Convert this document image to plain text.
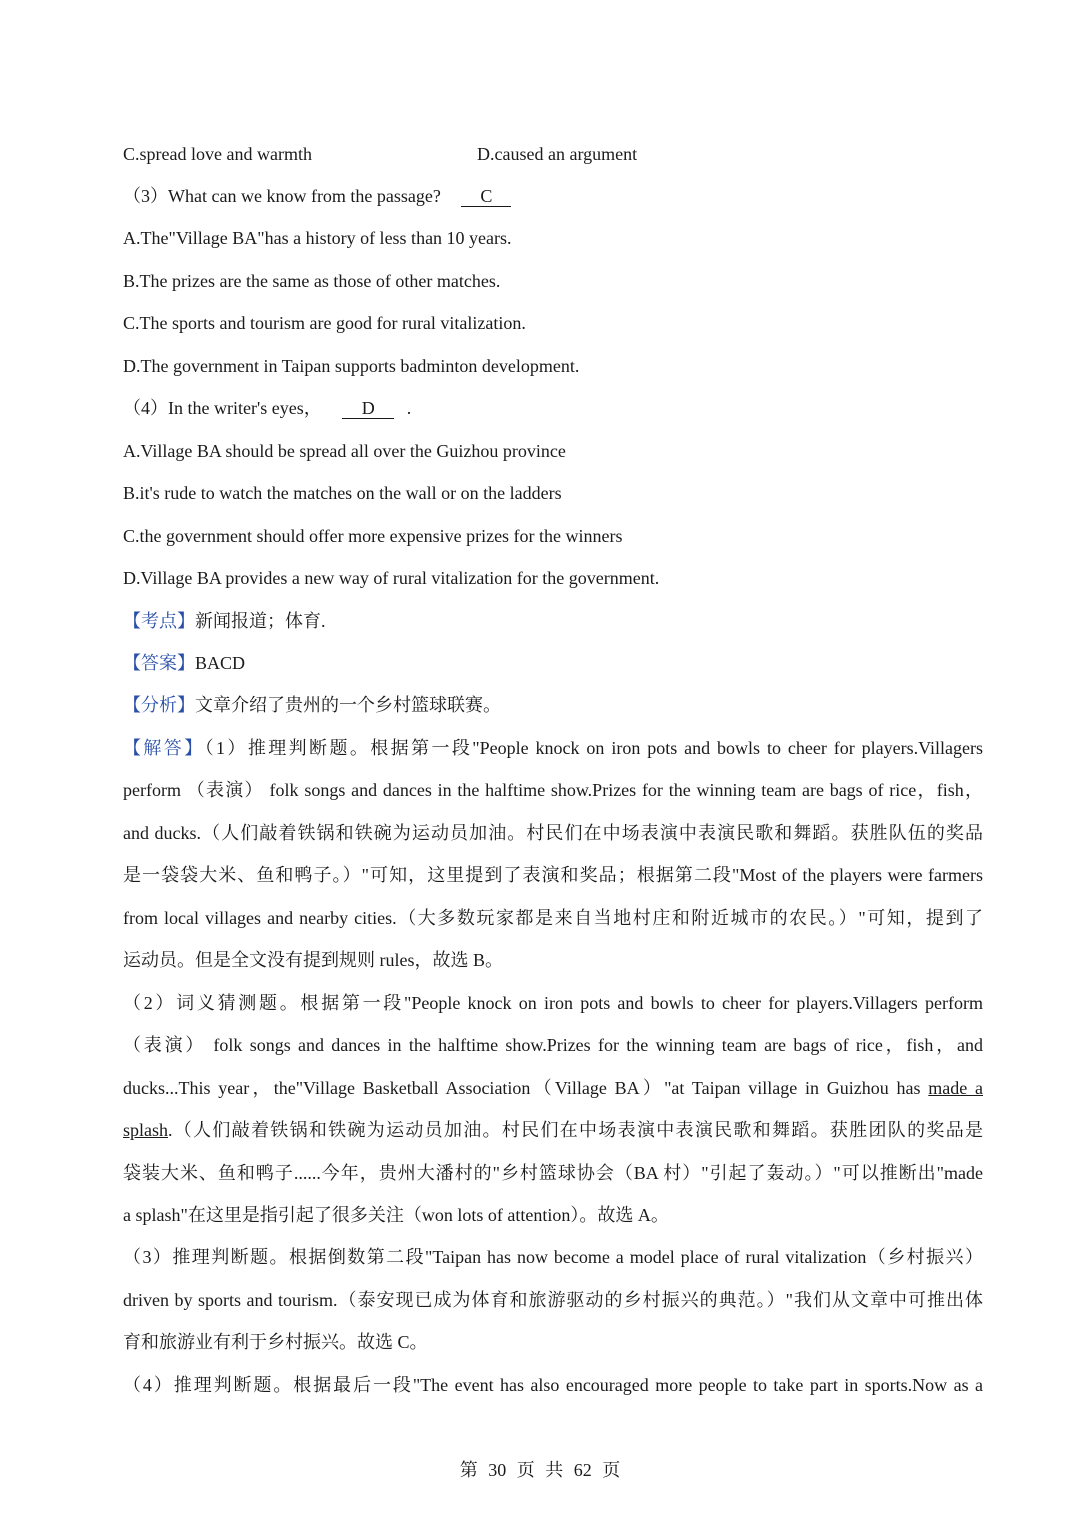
C.spread love and warmth	D.caused an argument
（3）What can we know from the passage? C
A.The"Village BA"has a history of less than 10 years.
B.The prizes are the same as those of other matches.
C.The sports and tourism are good for rural vitalization.
D.The government in Taipan supports badminton development.
（4）In the writer's eyes， D .
A.Village BA should be spread all over the Guizhou province
B.it's rude to watch the matches on the wall or on the ladders
C.the government should offer more expensive prizes for the winners
D.Village BA provides a new way of rural vitalization for the government.
【考点】新闻报道；体育.
【答案】BACD
【分析】文章介绍了贵州的一个乡村篮球联赛。
【解答】（1）推理判断题。根据第一段"People knock on iron pots and bowls to cheer for players.Villagers
perform （表演） folk songs and dances in the halftime show.Prizes for the winning team are bags of rice，fish，
and ducks.（人们敲着铁锅和铁碗为运动员加油。村民们在中场表演中表演民歌和舞蹈。获胜队伍的奖品
是一袋袋大米、鱼和鸭子。）"可知，这里提到了表演和奖品；根据第二段"Most of the players were farmers
from local villages and nearby cities.（大多数玩家都是来自当地村庄和附近城市的农民。）"可知，提到了
运动员。但是全文没有提到规则 rules，故选 B。
（2）词义猜测题。根据第一段"People knock on iron pots and bowls to cheer for players.Villagers perform
（表演） folk songs and dances in the halftime show.Prizes for the winning team are bags of rice，fish，and
ducks...This year，the"Village Basketball Association（Village BA）"at Taipan village in Guizhou has made a
splash.（人们敲着铁锅和铁碗为运动员加油。村民们在中场表演中表演民歌和舞蹈。获胜团队的奖品是
袋装大米、鱼和鸭子......今年，贵州大潘村的"乡村篮球协会（BA 村）"引起了轰动。）"可以推断出"made
a splash"在这里是指引起了很多关注（won lots of attention）。故选 A。
（3）推理判断题。根据倒数第二段"Taipan has now become a model place of rural vitalization（乡村振兴）
driven by sports and tourism.（泰安现已成为体育和旅游驱动的乡村振兴的典范。）"我们从文章中可推出体
育和旅游业有利于乡村振兴。故选 C。
（4）推理判断题。根据最后一段"The event has also encouraged more people to take part in sports.Now as a
第 30 页 共 62 页
